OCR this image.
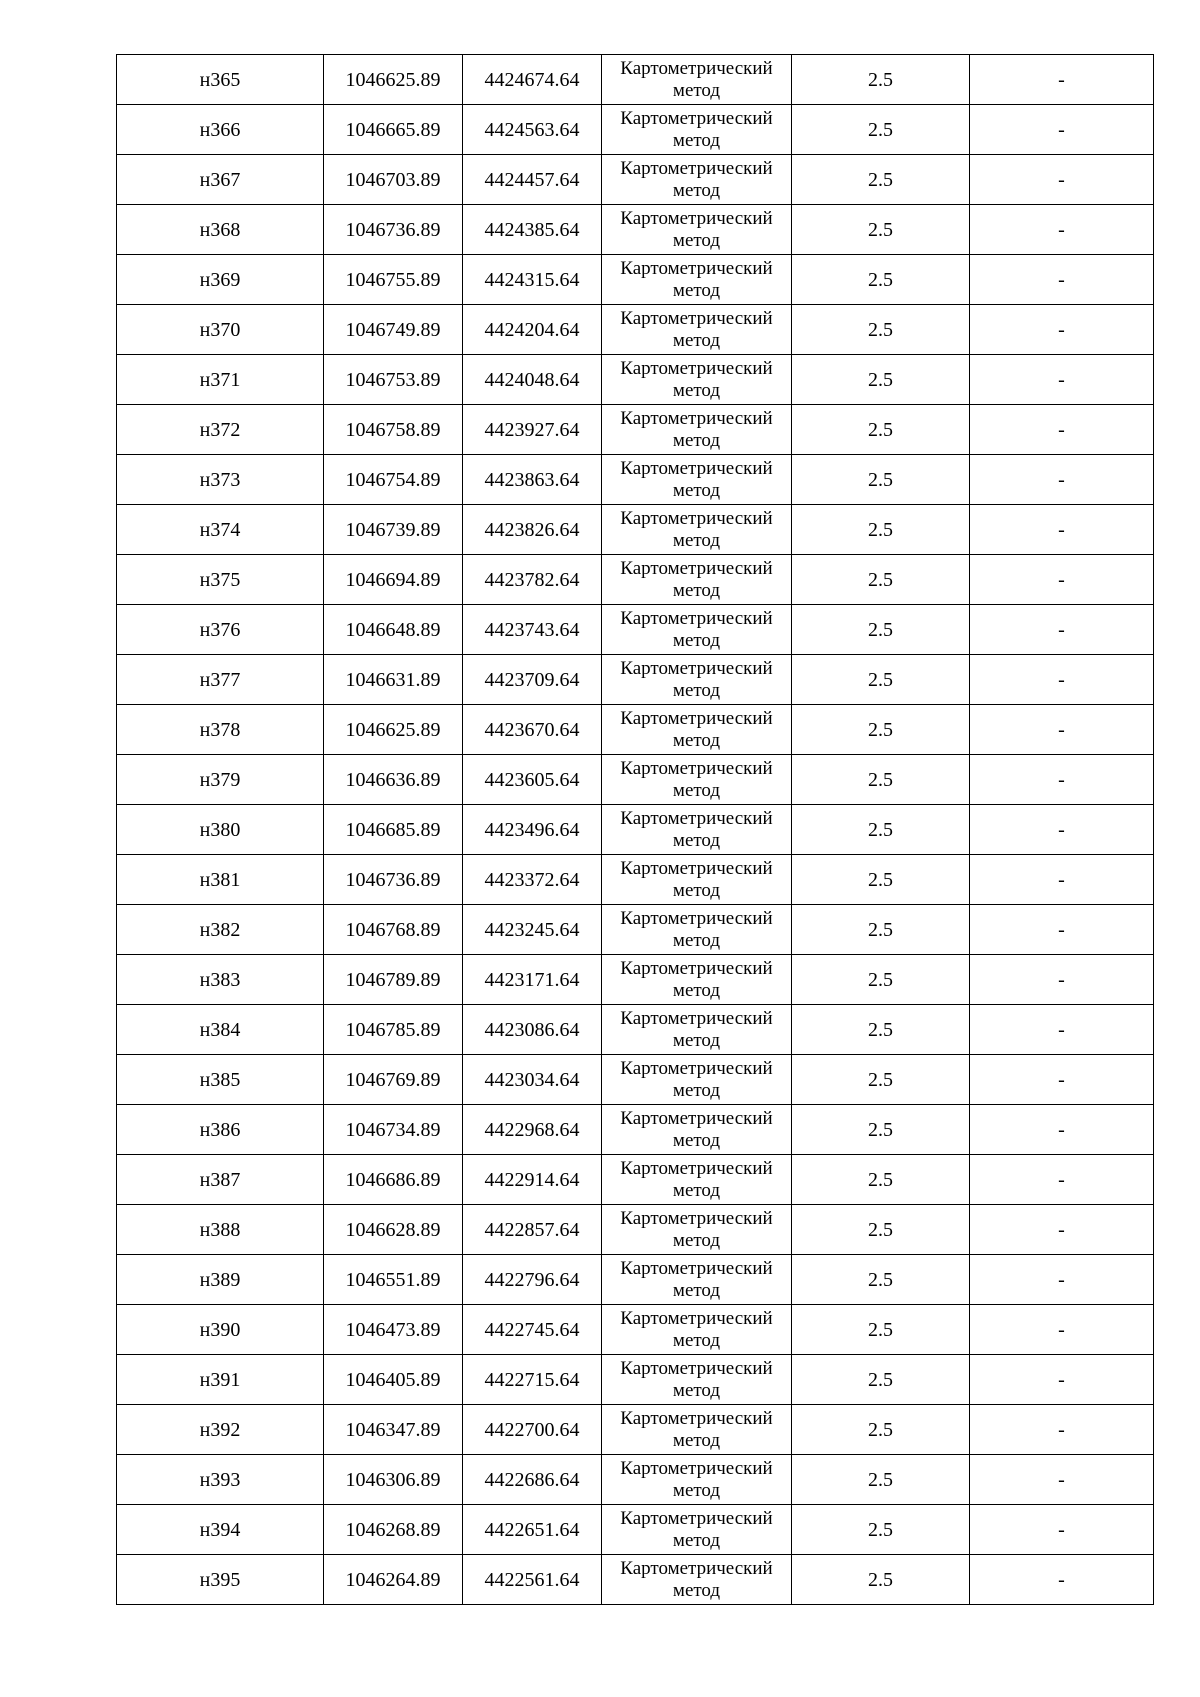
н365	1046625.89	4424674.64	Картометрический метод	2.5	-
н366	1046665.89	4424563.64	Картометрический метод	2.5	-
н367	1046703.89	4424457.64	Картометрический метод	2.5	-
н368	1046736.89	4424385.64	Картометрический метод	2.5	-
н369	1046755.89	4424315.64	Картометрический метод	2.5	-
н370	1046749.89	4424204.64	Картометрический метод	2.5	-
н371	1046753.89	4424048.64	Картометрический метод	2.5	-
н372	1046758.89	4423927.64	Картометрический метод	2.5	-
н373	1046754.89	4423863.64	Картометрический метод	2.5	-
н374	1046739.89	4423826.64	Картометрический метод	2.5	-
н375	1046694.89	4423782.64	Картометрический метод	2.5	-
н376	1046648.89	4423743.64	Картометрический метод	2.5	-
н377	1046631.89	4423709.64	Картометрический метод	2.5	-
н378	1046625.89	4423670.64	Картометрический метод	2.5	-
н379	1046636.89	4423605.64	Картометрический метод	2.5	-
н380	1046685.89	4423496.64	Картометрический метод	2.5	-
н381	1046736.89	4423372.64	Картометрический метод	2.5	-
н382	1046768.89	4423245.64	Картометрический метод	2.5	-
н383	1046789.89	4423171.64	Картометрический метод	2.5	-
н384	1046785.89	4423086.64	Картометрический метод	2.5	-
н385	1046769.89	4423034.64	Картометрический метод	2.5	-
н386	1046734.89	4422968.64	Картометрический метод	2.5	-
н387	1046686.89	4422914.64	Картометрический метод	2.5	-
н388	1046628.89	4422857.64	Картометрический метод	2.5	-
н389	1046551.89	4422796.64	Картометрический метод	2.5	-
н390	1046473.89	4422745.64	Картометрический метод	2.5	-
н391	1046405.89	4422715.64	Картометрический метод	2.5	-
н392	1046347.89	4422700.64	Картометрический метод	2.5	-
н393	1046306.89	4422686.64	Картометрический метод	2.5	-
н394	1046268.89	4422651.64	Картометрический метод	2.5	-
н395	1046264.89	4422561.64	Картометрический метод	2.5	-
